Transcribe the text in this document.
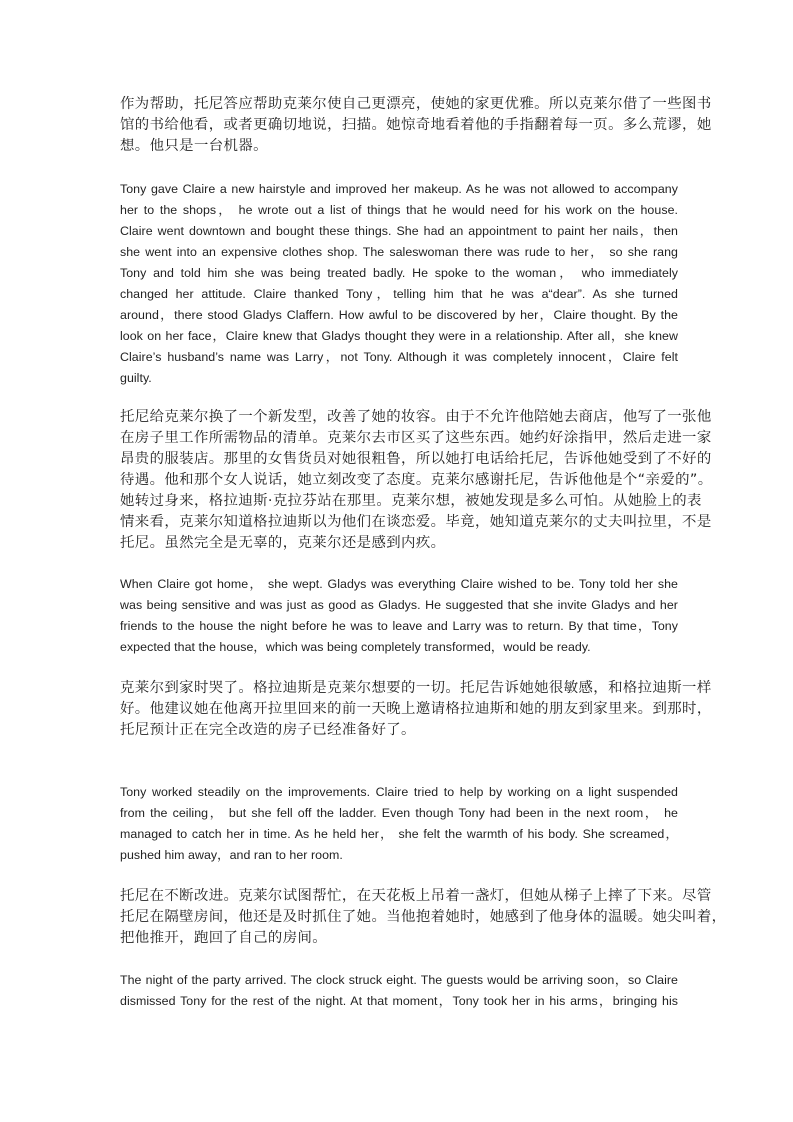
作为帮助，托尼答应帮助克莱尔使自己更漂亮，使她的家更优雅。所以克莱尔借了一些图书
馆的书给他看，或者更确切地说，扫描。她惊奇地看着他的手指翻着每一页。多么荒谬，她
想。他只是一台机器。

Tony gave Claire a new hairstyle and improved her makeup. As he was not allowed to accompany
her to the shops， he wrote out a list of things that he would need for his work on the house.
Claire went downtown and bought these things. She had an appointment to paint her nails，then
she went into an expensive clothes shop. The saleswoman there was rude to her， so she rang
Tony and told him she was being treated badly. He spoke to the woman， who immediately
changed her attitude. Claire thanked Tony，telling him that he was a“dear”. As she turned
around，there stood Gladys Claffern. How awful to be discovered by her，Claire thought. By the
look on her face，Claire knew that Gladys thought they were in a relationship. After all，she knew
Claire’s husband’s name was Larry，not Tony. Although it was completely innocent，Claire felt
guilty.

托尼给克莱尔换了一个新发型，改善了她的妆容。由于不允许他陪她去商店，他写了一张他
在房子里工作所需物品的清单。克莱尔去市区买了这些东西。她约好涂指甲，然后走进一家
昂贵的服装店。那里的女售货员对她很粗鲁，所以她打电话给托尼，告诉他她受到了不好的
待遇。他和那个女人说话，她立刻改变了态度。克莱尔感谢托尼，告诉他他是个“亲爱的”。
她转过身来，格拉迪斯·克拉芬站在那里。克莱尔想，被她发现是多么可怕。从她脸上的表
情来看，克莱尔知道格拉迪斯以为他们在谈恋爱。毕竟，她知道克莱尔的丈夫叫拉里，不是
托尼。虽然完全是无辜的，克莱尔还是感到内疚。

When Claire got home， she wept. Gladys was everything Claire wished to be. Tony told her she
was being sensitive and was just as good as Gladys. He suggested that she invite Gladys and her
friends to the house the night before he was to leave and Larry was to return. By that time，Tony
expected that the house，which was being completely transformed，would be ready.

克莱尔到家时哭了。格拉迪斯是克莱尔想要的一切。托尼告诉她她很敏感，和格拉迪斯一样
好。他建议她在他离开拉里回来的前一天晚上邀请格拉迪斯和她的朋友到家里来。到那时，
托尼预计正在完全改造的房子已经准备好了。

Tony worked steadily on the improvements. Claire tried to help by working on a light suspended
from the ceiling， but she fell off the ladder. Even though Tony had been in the next room， he
managed to catch her in time. As he held her， she felt the warmth of his body. She screamed，
pushed him away，and ran to her room.

托尼在不断改进。克莱尔试图帮忙，在天花板上吊着一盏灯，但她从梯子上摔了下来。尽管
托尼在隔壁房间，他还是及时抓住了她。当他抱着她时，她感到了他身体的温暖。她尖叫着，
把他推开，跑回了自己的房间。

The night of the party arrived. The clock struck eight. The guests would be arriving soon，so Claire
dismissed Tony for the rest of the night. At that moment，Tony took her in his arms，bringing his
